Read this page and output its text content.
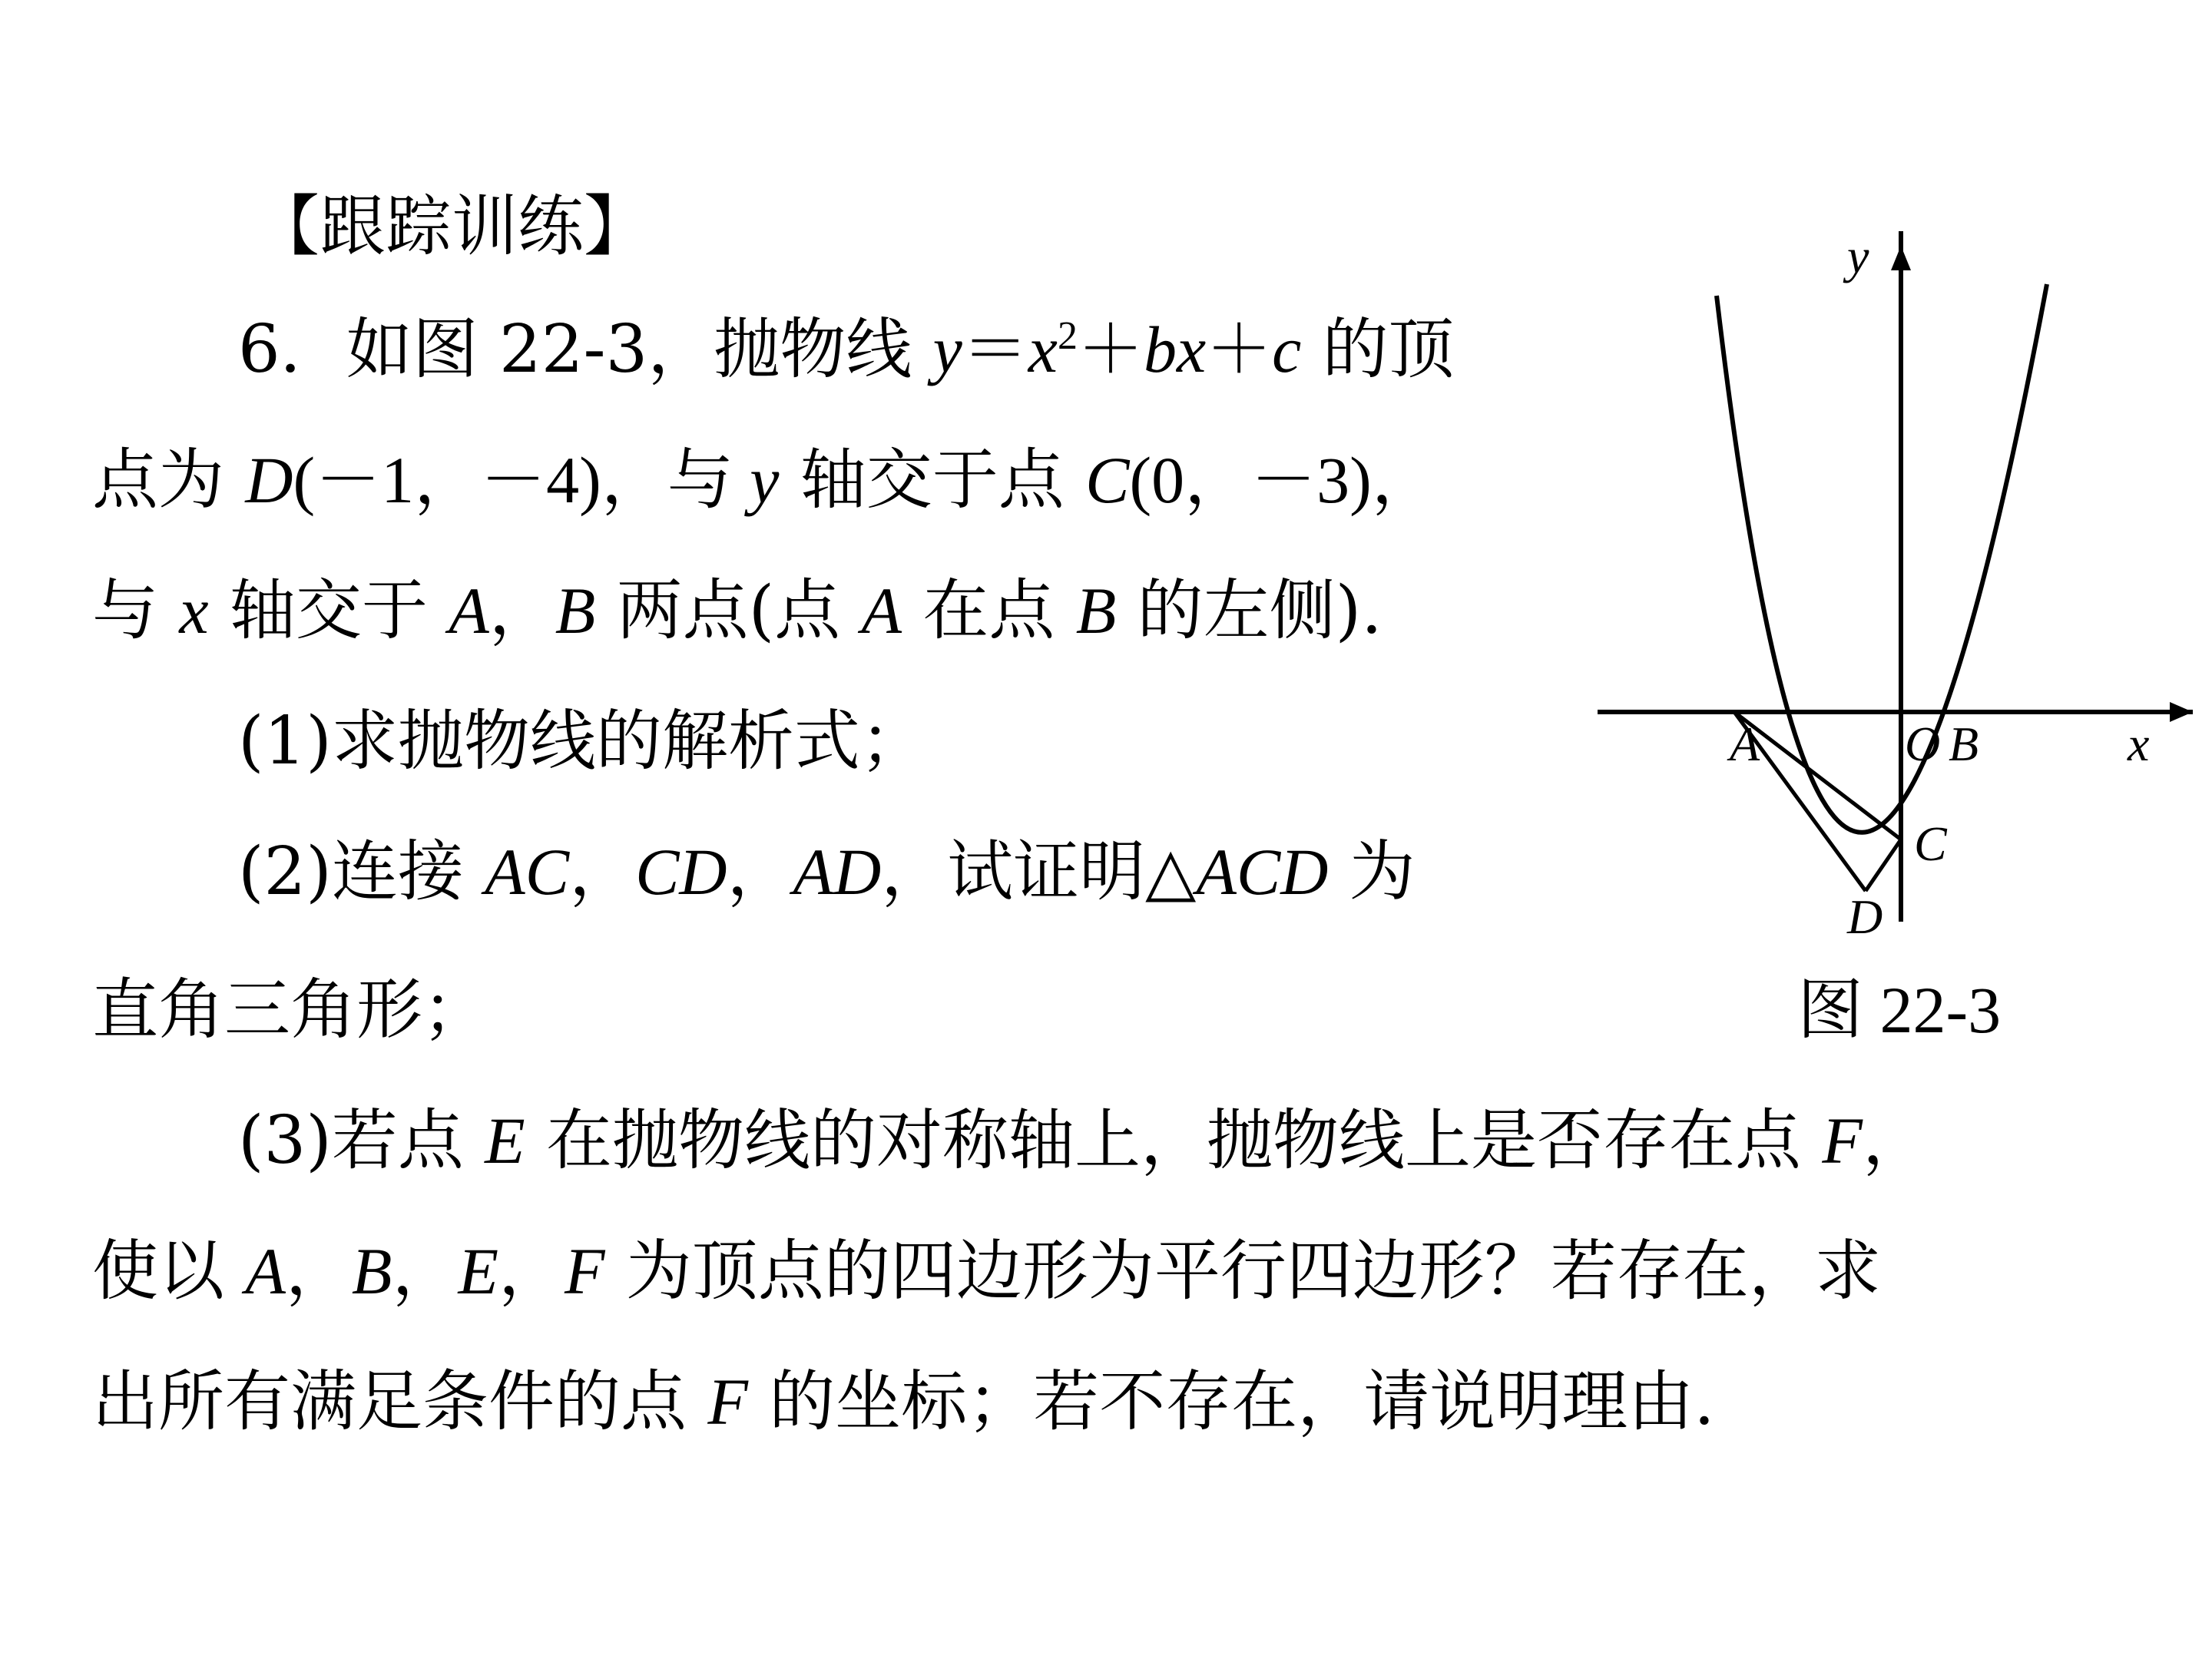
【跟踪训练】
6．如图 22-3，抛物线 $y=x^2+bx+c$ 的顶
点为 D(－1，－4)，与 y 轴交于点 C(0，－3)，
与 x 轴交于 A，B 两点(点 A 在点 B 的左侧).
(1)求抛物线的解析式；
(2)连接 AC，CD，AD，试证明△ACD 为
直角三角形；
(3)若点 E 在抛物线的对称轴上，抛物线上是否存在点 F，
使以 A，B，E，F 为顶点的四边形为平行四边形？若存在，求
出所有满足条件的点 F 的坐标；若不存在，请说明理由.
y
x
A	O B
C
D
图 22-3
